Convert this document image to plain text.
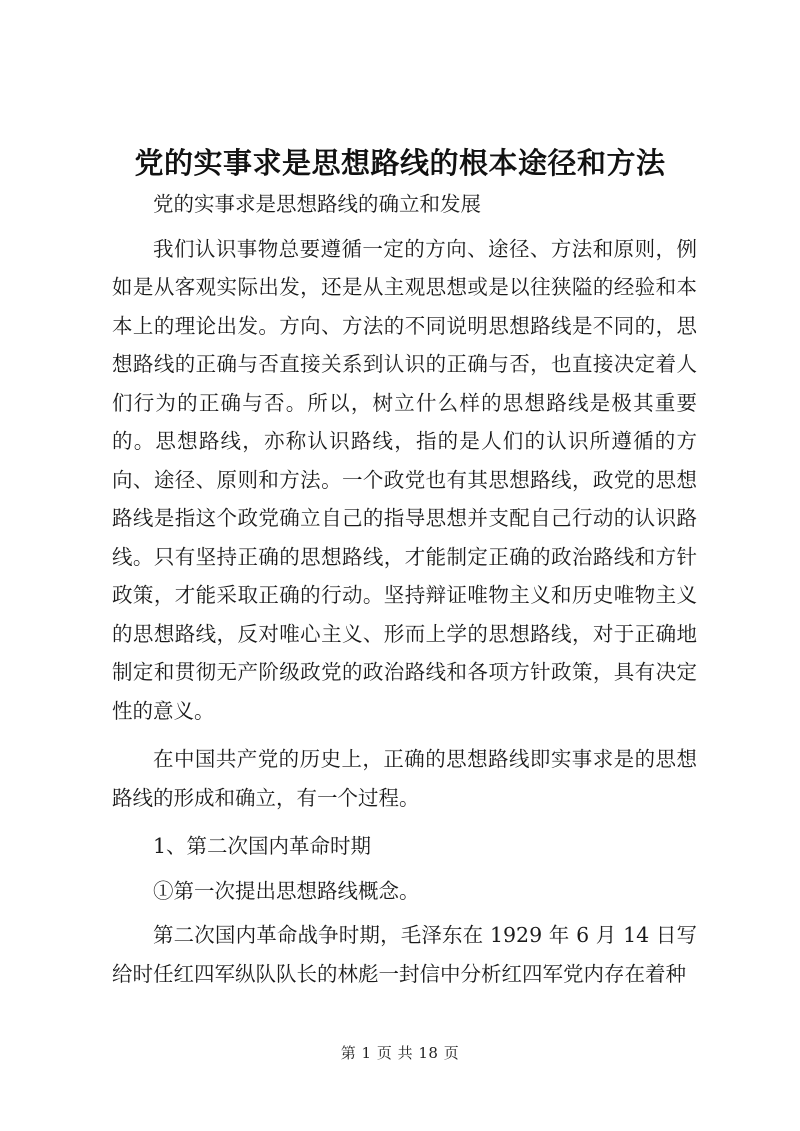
党的实事求是思想路线的根本途径和方法

党的实事求是思想路线的确立和发展

我们认识事物总要遵循一定的方向、途径、方法和原则，例如是从客观实际出发，还是从主观思想或是以往狭隘的经验和本本上的理论出发。方向、方法的不同说明思想路线是不同的，思想路线的正确与否直接关系到认识的正确与否，也直接决定着人们行为的正确与否。所以，树立什么样的思想路线是极其重要的。思想路线，亦称认识路线，指的是人们的认识所遵循的方向、途径、原则和方法。一个政党也有其思想路线，政党的思想路线是指这个政党确立自己的指导思想并支配自己行动的认识路线。只有坚持正确的思想路线，才能制定正确的政治路线和方针政策，才能采取正确的行动。坚持辩证唯物主义和历史唯物主义的思想路线，反对唯心主义、形而上学的思想路线，对于正确地制定和贯彻无产阶级政党的政治路线和各项方针政策，具有决定性的意义。

在中国共产党的历史上，正确的思想路线即实事求是的思想路线的形成和确立，有一个过程。

1、第二次国内革命时期

①第一次提出思想路线概念。

第二次国内革命战争时期，毛泽东在 1929 年 6 月 14 日写给时任红四军纵队队长的林彪一封信中分析红四军党内存在着种

第 1 页 共 18 页
